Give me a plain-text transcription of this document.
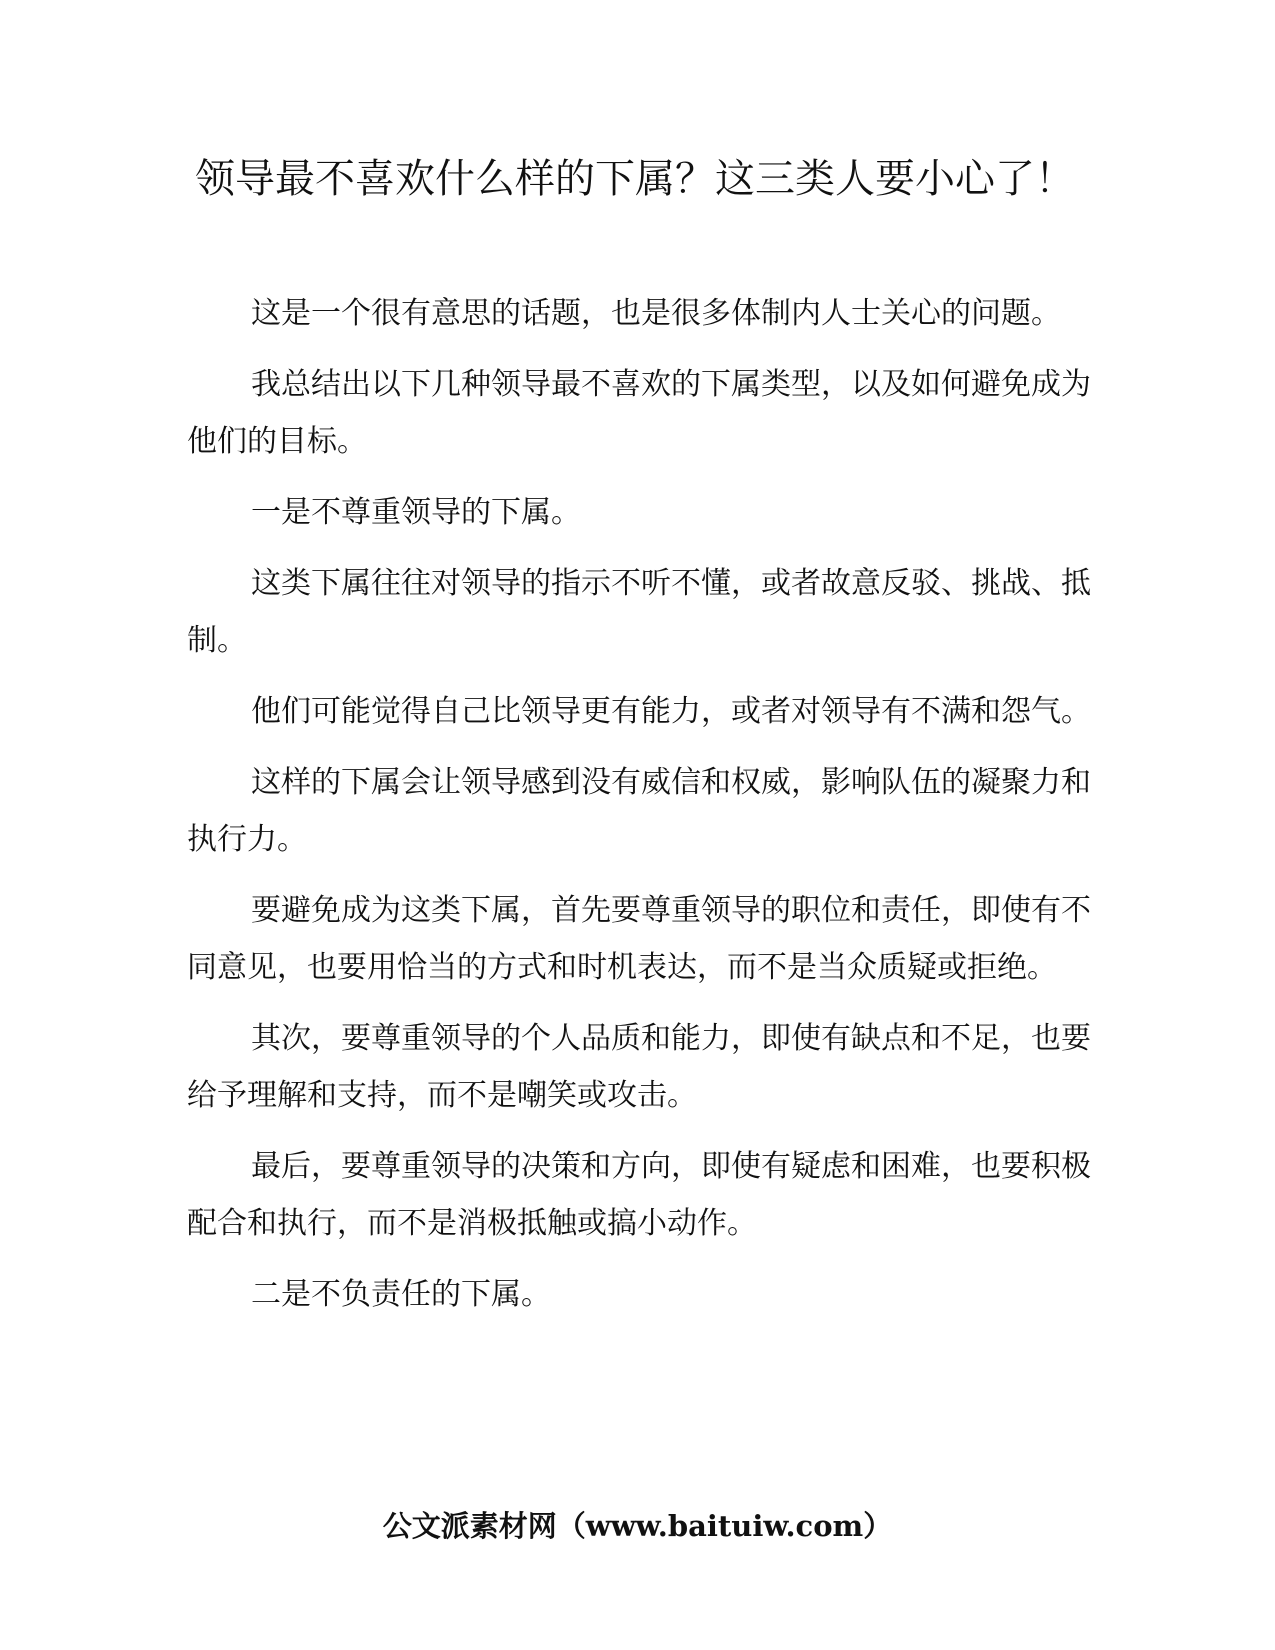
领导最不喜欢什么样的下属？这三类人要小心了！

这是一个很有意思的话题，也是很多体制内人士关心的问题。

我总结出以下几种领导最不喜欢的下属类型，以及如何避免成为他们的目标。

一是不尊重领导的下属。

这类下属往往对领导的指示不听不懂，或者故意反驳、挑战、抵制。

他们可能觉得自己比领导更有能力，或者对领导有不满和怨气。

这样的下属会让领导感到没有威信和权威，影响队伍的凝聚力和执行力。

要避免成为这类下属，首先要尊重领导的职位和责任，即使有不同意见，也要用恰当的方式和时机表达，而不是当众质疑或拒绝。

其次，要尊重领导的个人品质和能力，即使有缺点和不足，也要给予理解和支持，而不是嘲笑或攻击。

最后，要尊重领导的决策和方向，即使有疑虑和困难，也要积极配合和执行，而不是消极抵触或搞小动作。

二是不负责任的下属。

公文派素材网（www.baituiw.com）
